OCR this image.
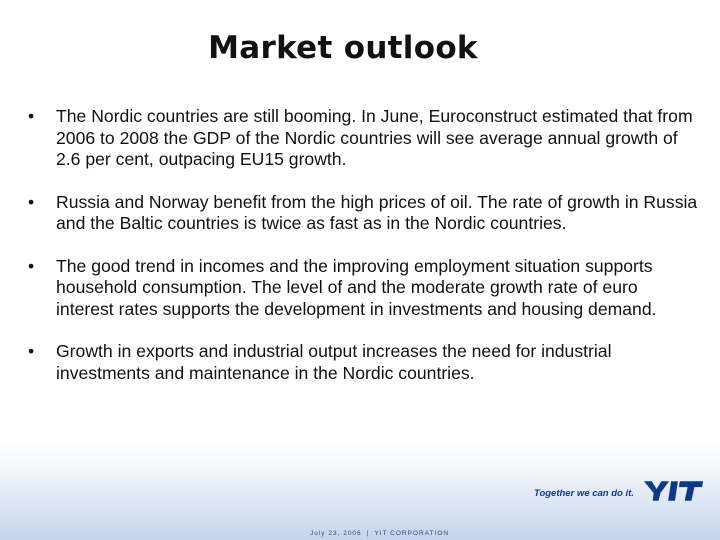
Market outlook
•	The Nordic countries are still booming. In June, Euroconstruct estimated that from 2006 to 2008 the GDP of the Nordic countries will see average annual growth of 2.6 per cent, outpacing EU15 growth.
•	Russia and Norway benefit from the high prices of oil. The rate of growth in Russia and the Baltic countries is twice as fast as in the Nordic countries.
•	The good trend in incomes and the improving employment situation supports household consumption. The level of and the moderate growth rate of euro interest rates supports the development in investments and housing demand.
•	Growth in exports and industrial output increases the need for industrial investments and maintenance in the Nordic countries.
Together we can do it.
July 23, 2006 | YIT CORPORATION
